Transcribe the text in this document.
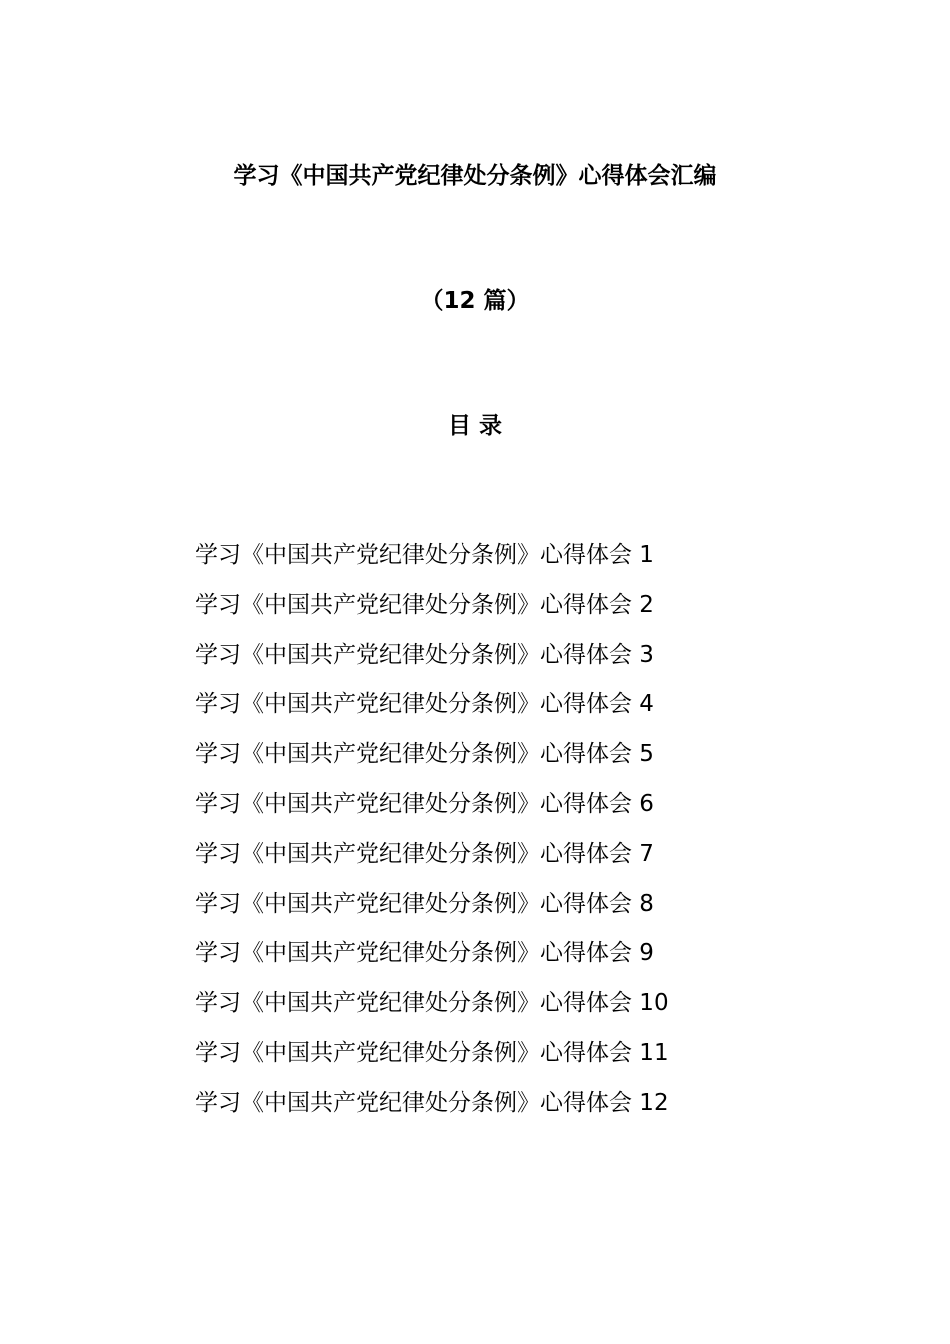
学习《中国共产党纪律处分条例》心得体会汇编
（12 篇）
目 录
学习《中国共产党纪律处分条例》心得体会 1
学习《中国共产党纪律处分条例》心得体会 2
学习《中国共产党纪律处分条例》心得体会 3
学习《中国共产党纪律处分条例》心得体会 4
学习《中国共产党纪律处分条例》心得体会 5
学习《中国共产党纪律处分条例》心得体会 6
学习《中国共产党纪律处分条例》心得体会 7
学习《中国共产党纪律处分条例》心得体会 8
学习《中国共产党纪律处分条例》心得体会 9
学习《中国共产党纪律处分条例》心得体会 10
学习《中国共产党纪律处分条例》心得体会 11
学习《中国共产党纪律处分条例》心得体会 12
